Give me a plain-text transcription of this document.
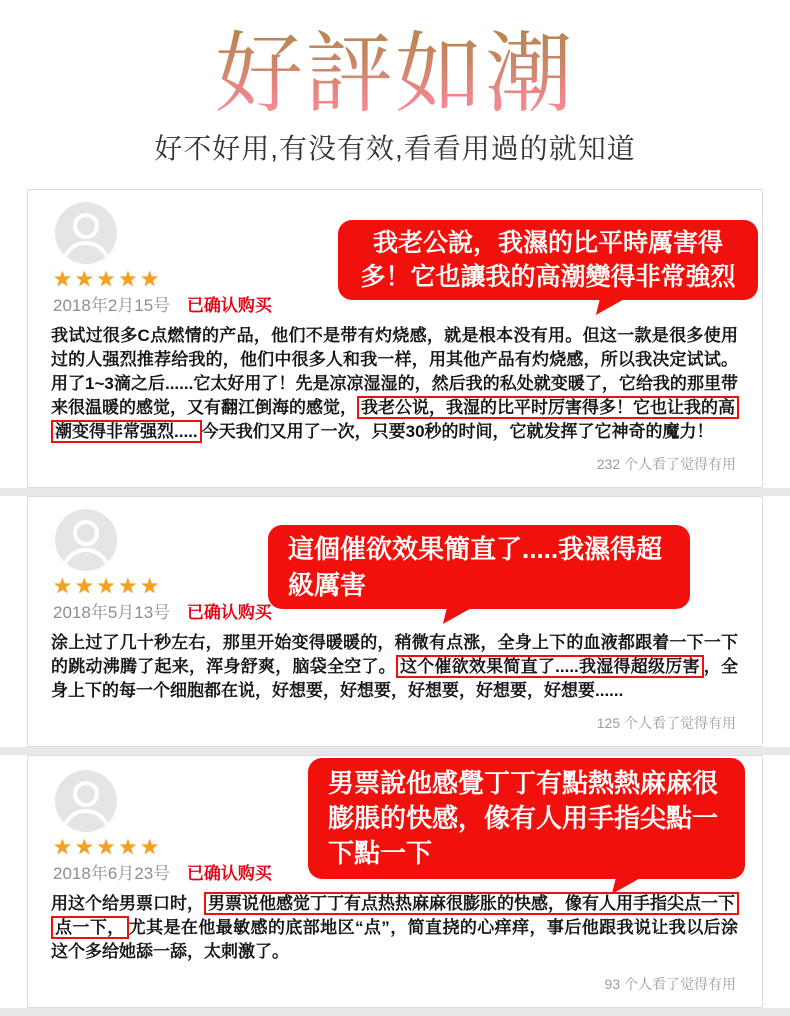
好評如潮
好不好用,有没有效,看看用過的就知道
我老公說，我濕的比平時厲害得多！它也讓我的高潮變得非常強烈
★★★★★
2018年2月15号 已确认购买
我试过很多C点燃情的产品，他们不是带有灼烧感，就是根本没有用。但这一款是很多使用过的人强烈推荐给我的，他们中很多人和我一样，用其他产品有灼烧感，所以我决定试试。用了1~3滴之后......它太好用了！先是凉凉湿湿的，然后我的私处就变暖了，它给我的那里带来很温暖的感觉，又有翻江倒海的感觉， 我老公说，我湿的比平时厉害得多！它也让我的高潮变得非常强烈..... 今天我们又用了一次，只要30秒的时间，它就发挥了它神奇的魔力！
232 个人看了觉得有用
這個催欲效果簡直了.....我濕得超級厲害
★★★★★
2018年5月13号 已确认购买
涂上过了几十秒左右，那里开始变得暖暖的，稍微有点涨，全身上下的血液都跟着一下一下的跳动沸腾了起来，浑身舒爽，脑袋全空了。 这个催欲效果简直了.....我湿得超级厉害 ，全身上下的每一个细胞都在说，好想要，好想要，好想要，好想要，好想要......
125 个人看了觉得有用
男票說他感覺丁丁有點熱熱麻麻很膨脹的快感，像有人用手指尖點一下點一下
★★★★★
2018年6月23号 已确认购买
用这个给男票口时， 男票说他感觉丁丁有点热热麻麻很膨胀的快感，像有人用手指尖点一下点一下， 尤其是在他最敏感的底部地区“点”，简直挠的心痒痒，事后他跟我说让我以后涂这个多给她舔一舔，太刺激了。
93 个人看了觉得有用
